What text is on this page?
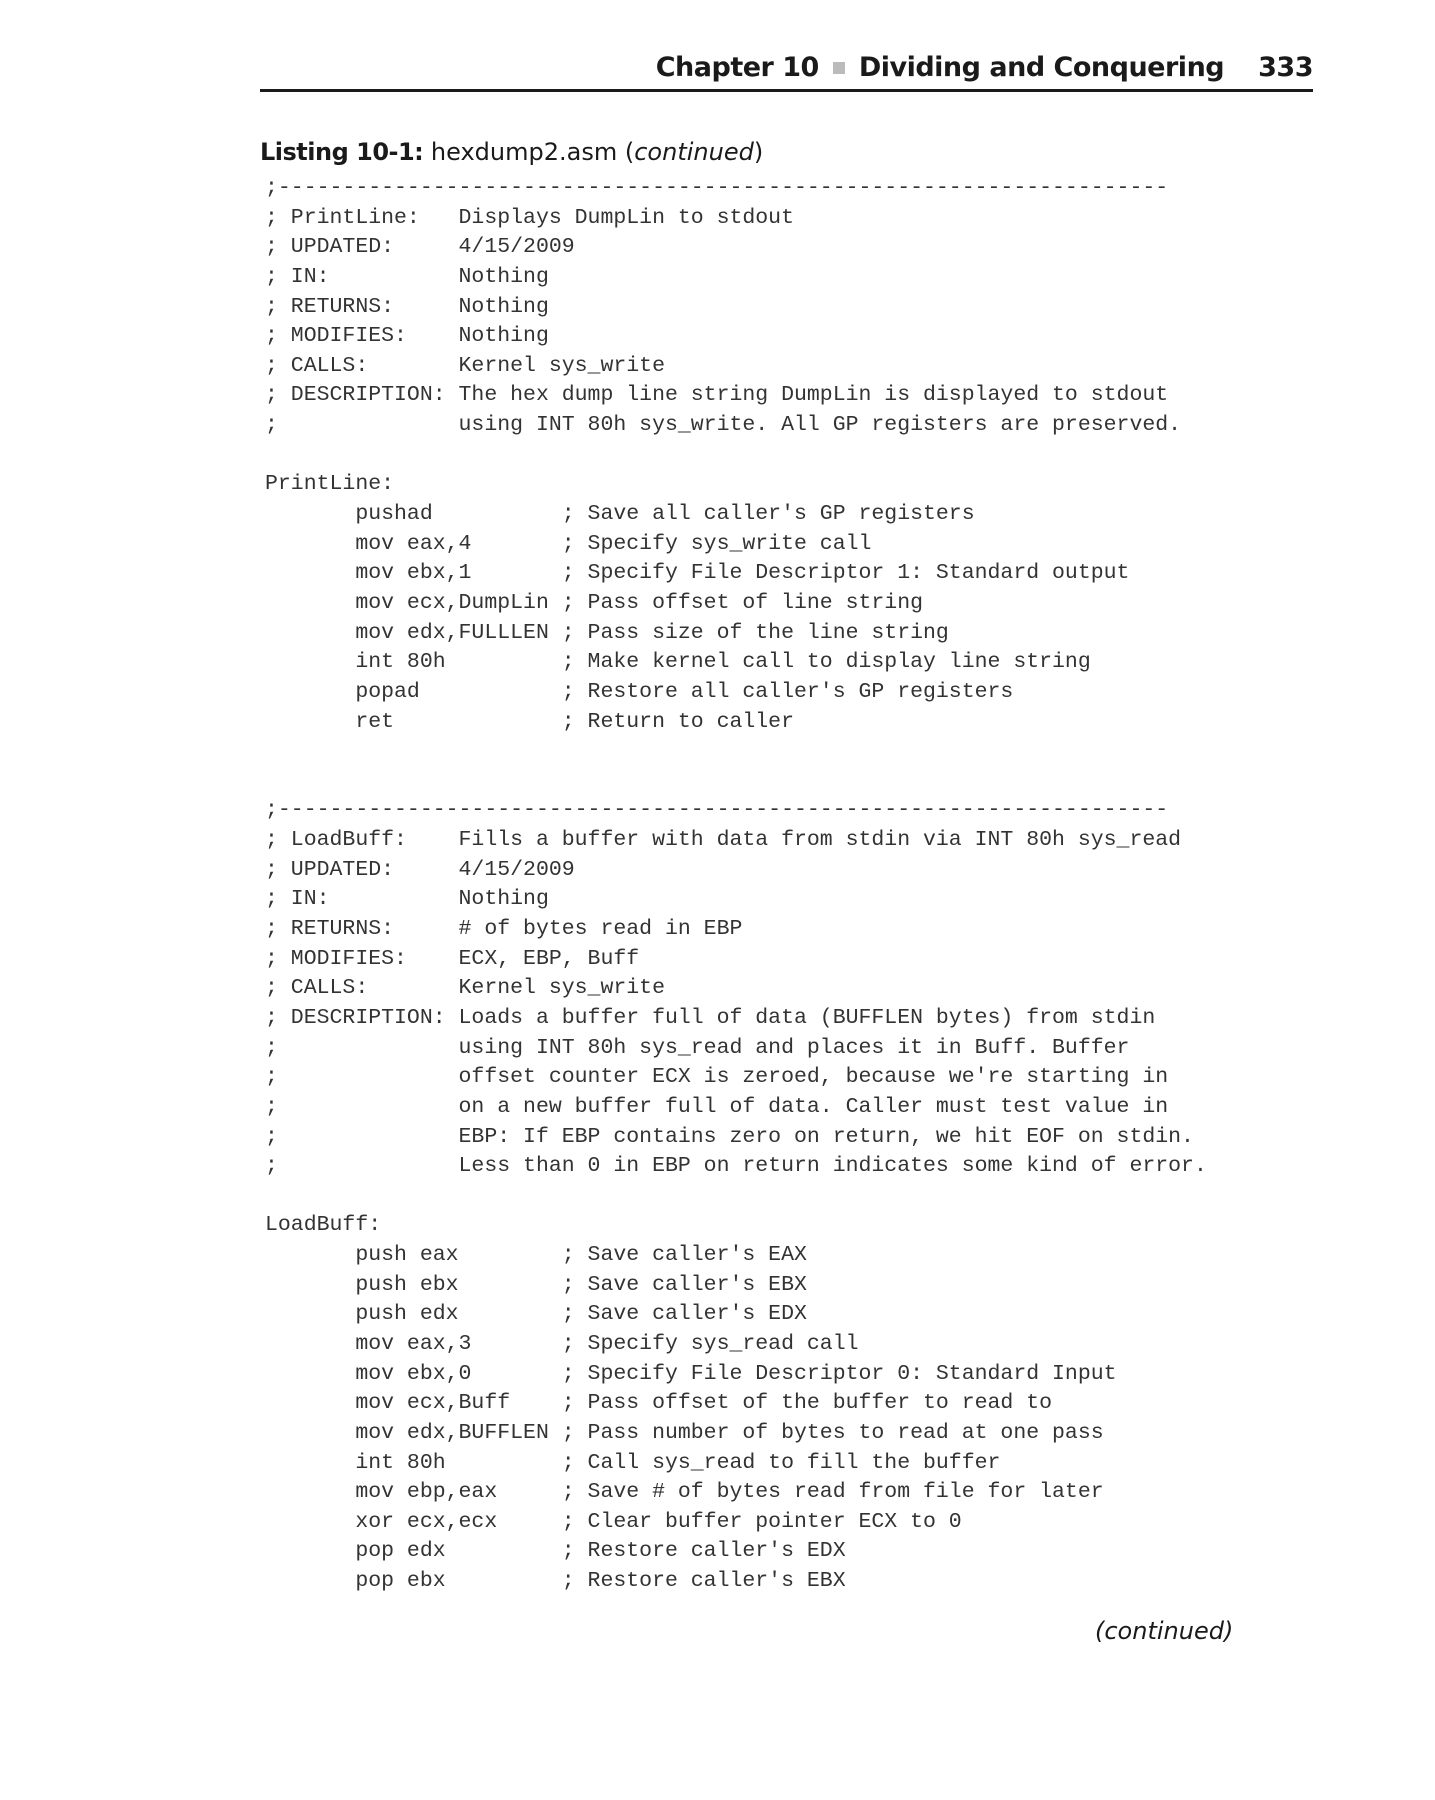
Chapter 10 Dividing and Conquering 333
Listing 10-1: hexdump2.asm (continued)
;---------------------------------------------------------------------
; PrintLine:   Displays DumpLin to stdout
; UPDATED:     4/15/2009
; IN:          Nothing
; RETURNS:     Nothing
; MODIFIES:    Nothing
; CALLS:       Kernel sys_write
; DESCRIPTION: The hex dump line string DumpLin is displayed to stdout
;              using INT 80h sys_write. All GP registers are preserved.
PrintLine:
pushad          ; Save all caller's GP registers
mov eax,4       ; Specify sys_write call
mov ebx,1       ; Specify File Descriptor 1: Standard output
mov ecx,DumpLin ; Pass offset of line string
mov edx,FULLLEN ; Pass size of the line string
int 80h         ; Make kernel call to display line string
popad           ; Restore all caller's GP registers
ret             ; Return to caller
;---------------------------------------------------------------------
; LoadBuff:    Fills a buffer with data from stdin via INT 80h sys_read
; UPDATED:     4/15/2009
; IN:          Nothing
; RETURNS:     # of bytes read in EBP
; MODIFIES:    ECX, EBP, Buff
; CALLS:       Kernel sys_write
; DESCRIPTION: Loads a buffer full of data (BUFFLEN bytes) from stdin
;              using INT 80h sys_read and places it in Buff. Buffer
;              offset counter ECX is zeroed, because we're starting in
;              on a new buffer full of data. Caller must test value in
;              EBP: If EBP contains zero on return, we hit EOF on stdin.
;              Less than 0 in EBP on return indicates some kind of error.
LoadBuff:
push eax        ; Save caller's EAX
push ebx        ; Save caller's EBX
push edx        ; Save caller's EDX
mov eax,3       ; Specify sys_read call
mov ebx,0       ; Specify File Descriptor 0: Standard Input
mov ecx,Buff    ; Pass offset of the buffer to read to
mov edx,BUFFLEN ; Pass number of bytes to read at one pass
int 80h         ; Call sys_read to fill the buffer
mov ebp,eax     ; Save # of bytes read from file for later
xor ecx,ecx     ; Clear buffer pointer ECX to 0
pop edx         ; Restore caller's EDX
pop ebx         ; Restore caller's EBX
(continued)
